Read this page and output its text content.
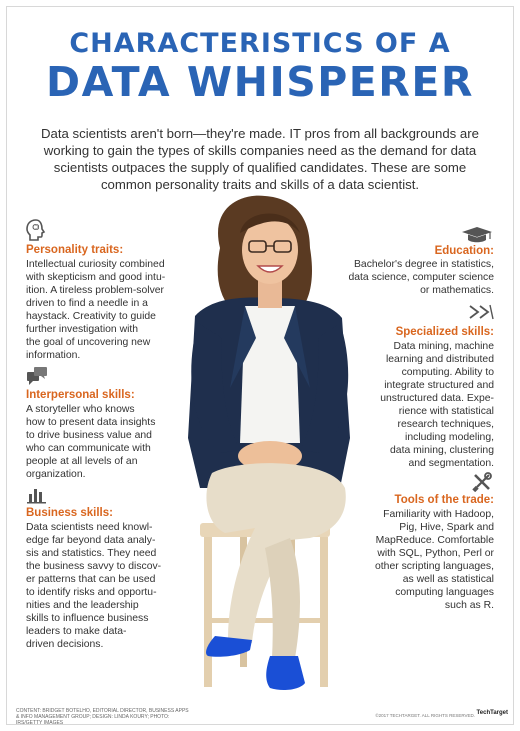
CHARACTERISTICS OF A
DATA WHISPERER
Data scientists aren't born—they're made. IT pros from all backgrounds are working to gain the types of skills companies need as the demand for data scientists outpaces the supply of qualified candidates. These are some common personality traits and skills of a data scientist.
Personality traits:
Intellectual curiosity combined
with skepticism and good intu-
ition. A tireless problem-solver
driven to find a needle in a
haystack. Creativity to guide
further investigation with
the goal of uncovering new
information.
Interpersonal skills:
A storyteller who knows
how to present data insights
to drive business value and
who can communicate with
people at all levels of an
organization.
Business skills:
Data scientists need knowl-
edge far beyond data analy-
sis and statistics. They need
the business savvy to discov-
er patterns that can be used
to identify risks and opportu-
nities and the leadership
skills to influence business
leaders to make data-
driven decisions.
Education:
Bachelor's degree in statistics,
data science, computer science
or mathematics.
Specialized skills:
Data mining, machine
learning and distributed
computing. Ability to
integrate structured and
unstructured data. Expe-
rience with statistical
research techniques,
including modeling,
data mining, clustering
and segmentation.
Tools of the trade:
Familiarity with Hadoop,
Pig, Hive, Spark and
MapReduce. Comfortable
with SQL, Python, Perl or
other scripting languages,
as well as statistical
computing languages
such as R.
CONTENT: BRIDGET BOTELHO, EDITORIAL DIRECTOR, BUSINESS APPS & INFO MANAGEMENT GROUP; DESIGN: LINDA KOURY; PHOTO: IRS/GETTY IMAGES
©2017 TECHTARGET. ALL RIGHTS RESERVED. TechTarget
